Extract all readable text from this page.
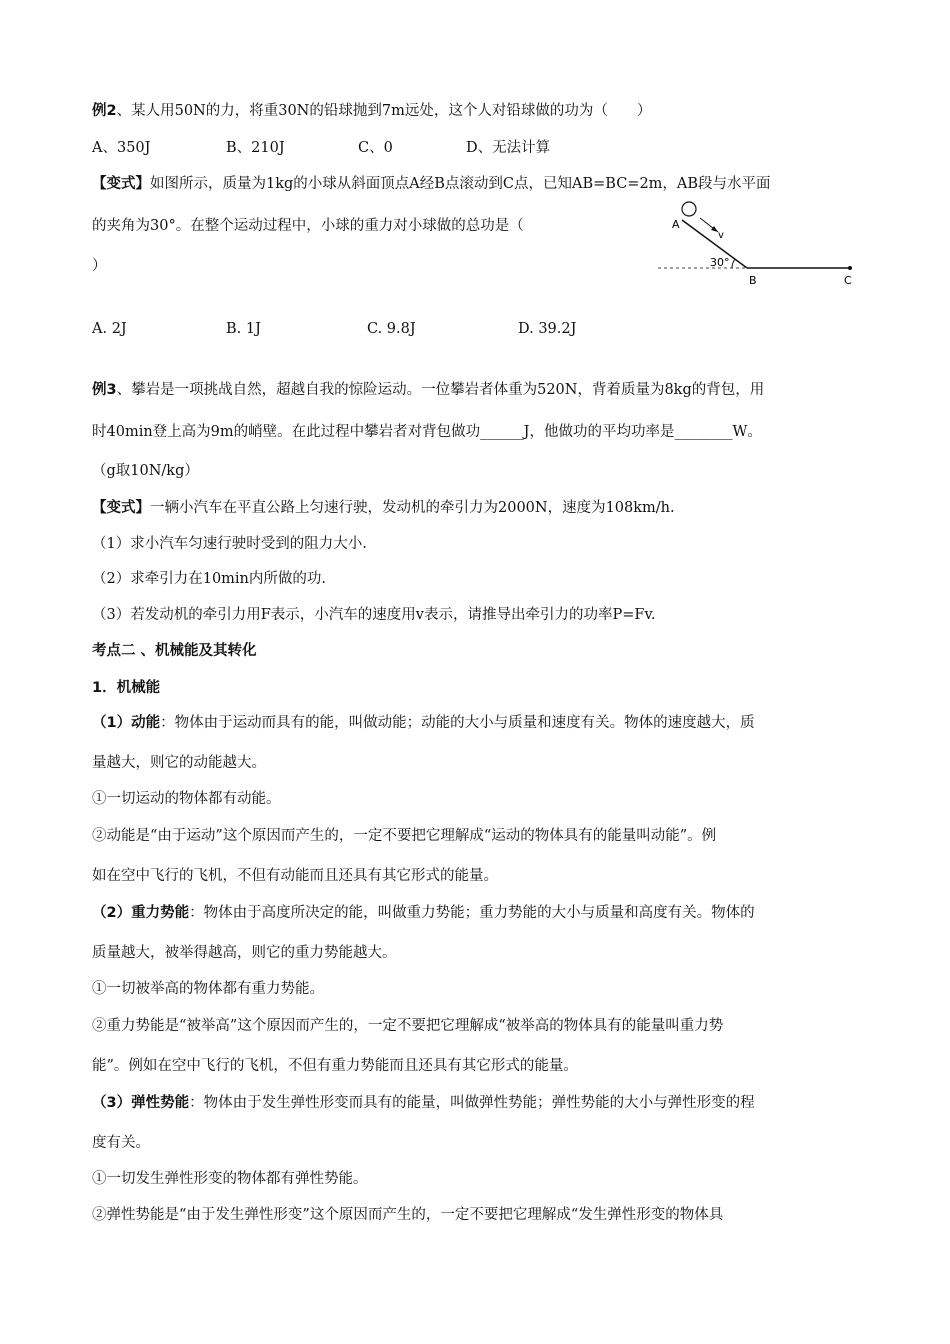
例2、某人用50N的力，将重30N的铅球抛到7m远处，这个人对铅球做的功为（　　）
A、350J	B、210J	C、0	D、无法计算
【变式】如图所示，质量为1kg的小球从斜面顶点A经B点滚动到C点，已知AB=BC=2m，AB段与水平面
的夹角为30°。在整个运动过程中，小球的重力对小球做的总功是（
）
A
v
30°
B	C
A. 2J	B. 1J	C. 9.8J	D. 39.2J
例3、攀岩是一项挑战自然，超越自我的惊险运动。一位攀岩者体重为520N，背着质量为8kg的背包，用
时40min登上高为9m的峭壁。在此过程中攀岩者对背包做功______J，他做功的平均功率是________W。
（g取10N/kg）
【变式】一辆小汽车在平直公路上匀速行驶，发动机的牵引力为2000N，速度为108km/h.
（1）求小汽车匀速行驶时受到的阻力大小.
（2）求牵引力在10min内所做的功.
（3）若发动机的牵引力用F表示，小汽车的速度用v表示，请推导出牵引力的功率P=Fv.
考点二 、机械能及其转化
1．机械能
（1）动能：物体由于运动而具有的能，叫做动能；动能的大小与质量和速度有关。物体的速度越大，质
量越大，则它的动能越大。
①一切运动的物体都有动能。
②动能是“由于运动”这个原因而产生的，一定不要把它理解成“运动的物体具有的能量叫动能”。例
如在空中飞行的飞机，不但有动能而且还具有其它形式的能量。
（2）重力势能：物体由于高度所决定的能，叫做重力势能；重力势能的大小与质量和高度有关。物体的
质量越大，被举得越高，则它的重力势能越大。
①一切被举高的物体都有重力势能。
②重力势能是“被举高”这个原因而产生的，一定不要把它理解成“被举高的物体具有的能量叫重力势
能”。例如在空中飞行的飞机，不但有重力势能而且还具有其它形式的能量。
（3）弹性势能：物体由于发生弹性形变而具有的能量，叫做弹性势能；弹性势能的大小与弹性形变的程
度有关。
①一切发生弹性形变的物体都有弹性势能。
②弹性势能是“由于发生弹性形变”这个原因而产生的，一定不要把它理解成“发生弹性形变的物体具
